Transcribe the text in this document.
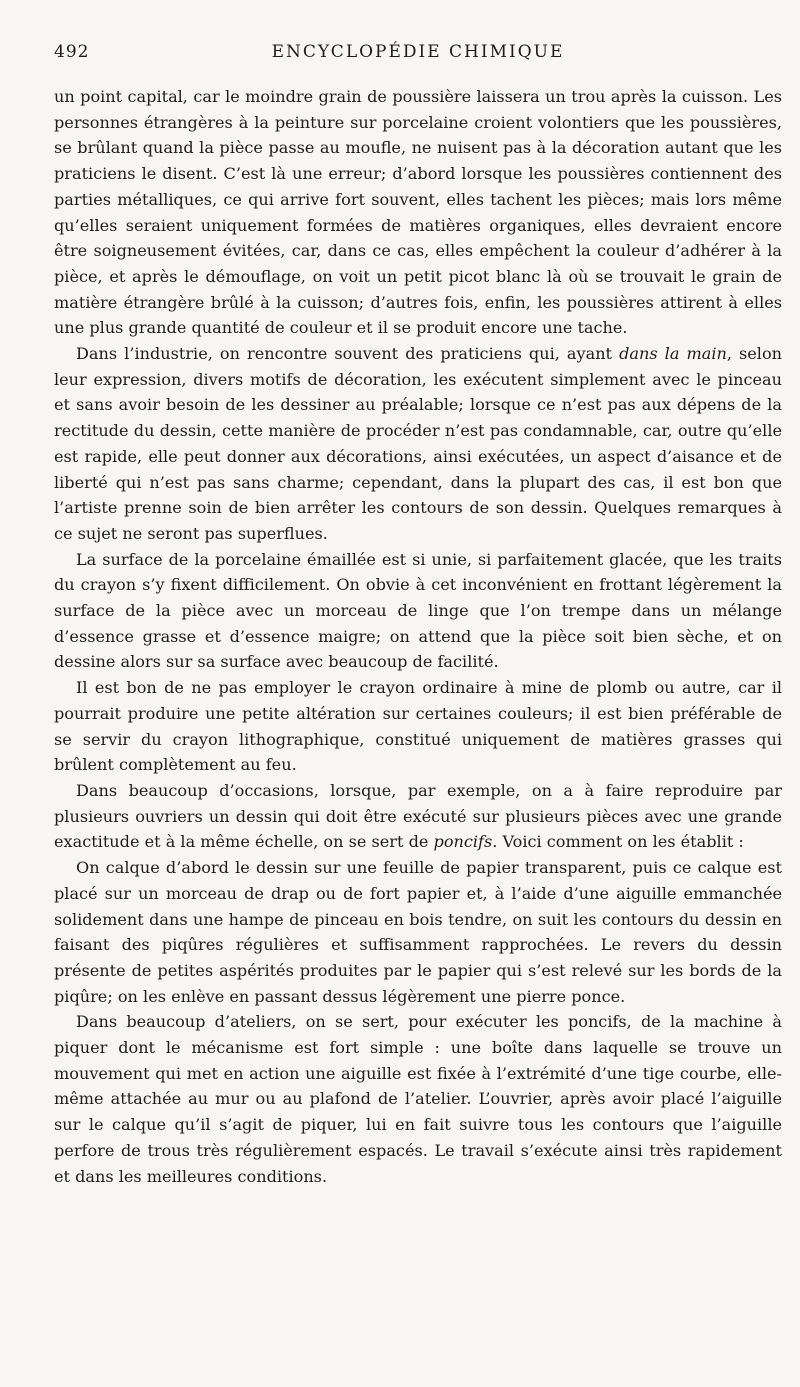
492	ENCYCLOPÉDIE CHIMIQUE

un point capital, car le moindre grain de poussière laissera un trou après la cuisson. Les personnes étrangères à la peinture sur porcelaine croient volontiers que les poussières, se brûlant quand la pièce passe au moufle, ne nuisent pas à la décoration autant que les praticiens le disent. C’est là une erreur; d’abord lorsque les poussières contiennent des parties métalliques, ce qui arrive fort souvent, elles tachent les pièces; mais lors même qu’elles seraient uniquement formées de matières organiques, elles devraient encore être soigneusement évitées, car, dans ce cas, elles empêchent la couleur d’adhérer à la pièce, et après le démouflage, on voit un petit picot blanc là où se trouvait le grain de matière étrangère brûlé à la cuisson; d’autres fois, enfin, les poussières attirent à elles une plus grande quantité de couleur et il se produit encore une tache.

Dans l’industrie, on rencontre souvent des praticiens qui, ayant dans la main, selon leur expression, divers motifs de décoration, les exécutent simplement avec le pinceau et sans avoir besoin de les dessiner au préalable; lorsque ce n’est pas aux dépens de la rectitude du dessin, cette manière de procéder n’est pas condamnable, car, outre qu’elle est rapide, elle peut donner aux décorations, ainsi exécutées, un aspect d’aisance et de liberté qui n’est pas sans charme; cependant, dans la plupart des cas, il est bon que l’artiste prenne soin de bien arrêter les contours de son dessin. Quelques remarques à ce sujet ne seront pas superflues.

La surface de la porcelaine émaillée est si unie, si parfaitement glacée, que les traits du crayon s’y fixent difficilement. On obvie à cet inconvénient en frottant légèrement la surface de la pièce avec un morceau de linge que l’on trempe dans un mélange d’essence grasse et d’essence maigre; on attend que la pièce soit bien sèche, et on dessine alors sur sa surface avec beaucoup de facilité.

Il est bon de ne pas employer le crayon ordinaire à mine de plomb ou autre, car il pourrait produire une petite altération sur certaines couleurs; il est bien préférable de se servir du crayon lithographique, constitué uniquement de matières grasses qui brûlent complètement au feu.

Dans beaucoup d’occasions, lorsque, par exemple, on a à faire reproduire par plusieurs ouvriers un dessin qui doit être exécuté sur plusieurs pièces avec une grande exactitude et à la même échelle, on se sert de poncifs. Voici comment on les établit :

On calque d’abord le dessin sur une feuille de papier transparent, puis ce calque est placé sur un morceau de drap ou de fort papier et, à l’aide d’une aiguille emmanchée solidement dans une hampe de pinceau en bois tendre, on suit les contours du dessin en faisant des piqûres régulières et suffisamment rapprochées. Le revers du dessin présente de petites aspérités produites par le papier qui s’est relevé sur les bords de la piqûre; on les enlève en passant dessus légèrement une pierre ponce.

Dans beaucoup d’ateliers, on se sert, pour exécuter les poncifs, de la machine à piquer dont le mécanisme est fort simple : une boîte dans laquelle se trouve un mouvement qui met en action une aiguille est fixée à l’extrémité d’une tige courbe, elle-même attachée au mur ou au plafond de l’atelier. L’ouvrier, après avoir placé l’aiguille sur le calque qu’il s’agit de piquer, lui en fait suivre tous les contours que l’aiguille perfore de trous très régulièrement espacés. Le travail s’exécute ainsi très rapidement et dans les meilleures conditions.
